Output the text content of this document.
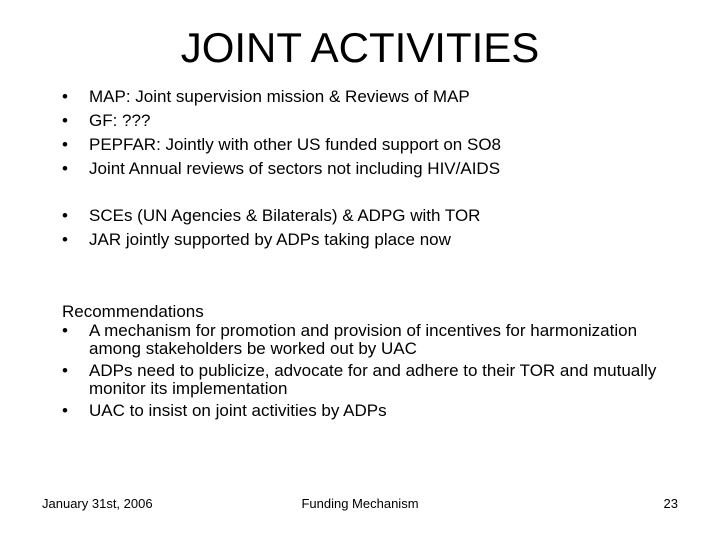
JOINT ACTIVITIES
• MAP: Joint supervision mission & Reviews of MAP
• GF: ???
• PEPFAR: Jointly with other US funded support on SO8
• Joint Annual reviews of sectors not including HIV/AIDS
• SCEs (UN Agencies & Bilaterals) & ADPG with TOR
• JAR jointly supported by ADPs taking place now

Recommendations

• A mechanism for promotion and provision of incentives for harmonization among stakeholders be worked out by UAC
• ADPs need to publicize, advocate for and adhere to their TOR and mutually monitor its implementation
• UAC to insist on joint activities by ADPs
January 31st, 2006	Funding Mechanism	23
